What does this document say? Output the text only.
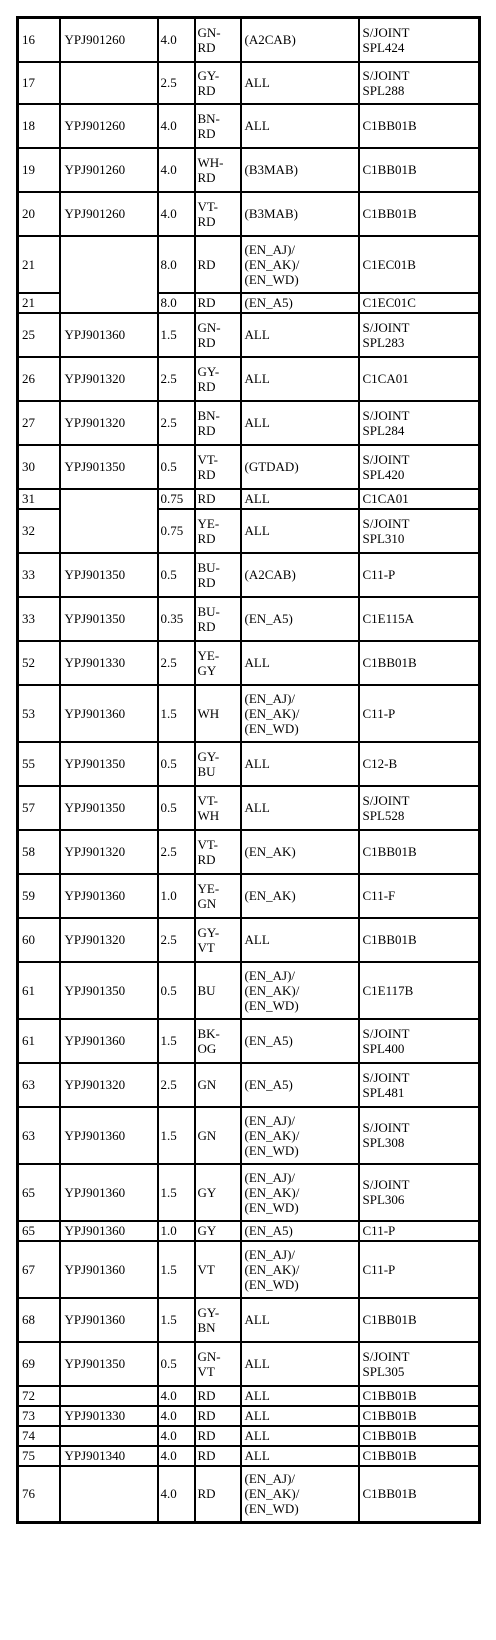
16	YPJ901260	4.0	GN-
RD	(A2CAB)	S/JOINT
SPL424

17		2.5	GY-
RD	ALL	S/JOINT
SPL288

18	YPJ901260	4.0	BN-
RD	ALL	C1BB01B

19	YPJ901260	4.0	WH-
RD	(B3MAB)	C1BB01B

20	YPJ901260	4.0	VT-
RD	(B3MAB)	C1BB01B

21		8.0	RD	(EN_AJ)/
(EN_AK)/
(EN_WD)	C1EC01B

21		8.0	RD	(EN_A5)	C1EC01C

25	YPJ901360	1.5	GN-
RD	ALL	S/JOINT
SPL283

26	YPJ901320	2.5	GY-
RD	ALL	C1CA01

27	YPJ901320	2.5	BN-
RD	ALL	S/JOINT
SPL284

30	YPJ901350	0.5	VT-
RD	(GTDAD)	S/JOINT
SPL420

31		0.75	RD	ALL	C1CA01

32		0.75	YE-
RD	ALL	S/JOINT
SPL310

33	YPJ901350	0.5	BU-
RD	(A2CAB)	C11-P

33	YPJ901350	0.35	BU-
RD	(EN_A5)	C1E115A

52	YPJ901330	2.5	YE-
GY	ALL	C1BB01B

53	YPJ901360	1.5	WH	(EN_AJ)/
(EN_AK)/
(EN_WD)	C11-P

55	YPJ901350	0.5	GY-
BU	ALL	C12-B

57	YPJ901350	0.5	VT-
WH	ALL	S/JOINT
SPL528

58	YPJ901320	2.5	VT-
RD	(EN_AK)	C1BB01B

59	YPJ901360	1.0	YE-
GN	(EN_AK)	C11-F

60	YPJ901320	2.5	GY-
VT	ALL	C1BB01B

61	YPJ901350	0.5	BU	(EN_AJ)/
(EN_AK)/
(EN_WD)	C1E117B

61	YPJ901360	1.5	BK-
OG	(EN_A5)	S/JOINT
SPL400

63	YPJ901320	2.5	GN	(EN_A5)	S/JOINT
SPL481

63	YPJ901360	1.5	GN	(EN_AJ)/
(EN_AK)/
(EN_WD)	S/JOINT
SPL308

65	YPJ901360	1.5	GY	(EN_AJ)/
(EN_AK)/
(EN_WD)	S/JOINT
SPL306

65	YPJ901360	1.0	GY	(EN_A5)	C11-P

67	YPJ901360	1.5	VT	(EN_AJ)/
(EN_AK)/
(EN_WD)	C11-P

68	YPJ901360	1.5	GY-
BN	ALL	C1BB01B

69	YPJ901350	0.5	GN-
VT	ALL	S/JOINT
SPL305

72		4.0	RD	ALL	C1BB01B

73	YPJ901330	4.0	RD	ALL	C1BB01B

74		4.0	RD	ALL	C1BB01B

75	YPJ901340	4.0	RD	ALL	C1BB01B

76		4.0	RD	(EN_AJ)/
(EN_AK)/
(EN_WD)	C1BB01B
